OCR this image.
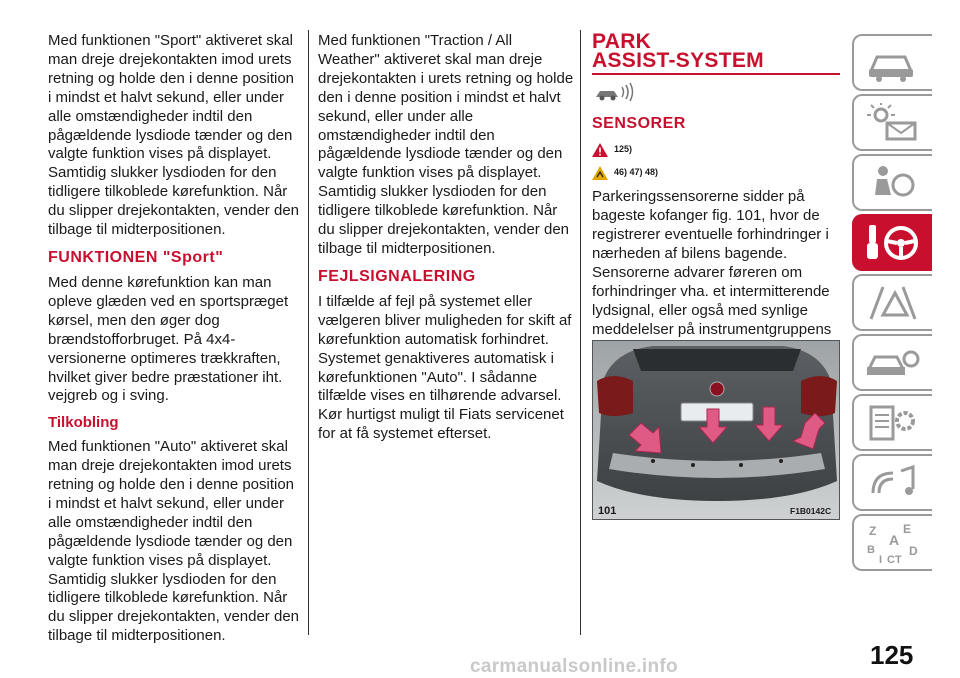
Med funktionen "Sport" aktiveret skal man dreje drejekontakten imod urets retning og holde den i denne position i mindst et halvt sekund, eller under alle omstændigheder indtil den pågældende lysdiode tænder og den valgte funktion vises på displayet. Samtidig slukker lysdioden for den tidligere tilkoblede kørefunktion. Når du slipper drejekontakten, vender den tilbage til midterpositionen.

FUNKTIONEN "Sport"

Med denne kørefunktion kan man opleve glæden ved en sportspræget kørsel, men den øger dog brændstofforbruget. På 4x4-versionerne optimeres trækkraften, hvilket giver bedre præstationer iht. vejgreb og i sving.

Tilkobling

Med funktionen "Auto" aktiveret skal man dreje drejekontakten imod urets retning og holde den i denne position i mindst et halvt sekund, eller under alle omstændigheder indtil den pågældende lysdiode tænder og den valgte funktion vises på displayet. Samtidig slukker lysdioden for den tidligere tilkoblede kørefunktion. Når du slipper drejekontakten, vender den tilbage til midterpositionen.

Med funktionen "Traction / All Weather" aktiveret skal man dreje drejekontakten i urets retning og holde den i denne position i mindst et halvt sekund, eller under alle omstændigheder indtil den pågældende lysdiode tænder og den valgte funktion vises på displayet. Samtidig slukker lysdioden for den tidligere tilkoblede kørefunktion. Når du slipper drejekontakten, vender den tilbage til midterpositionen.

FEJLSIGNALERING

I tilfælde af fejl på systemet eller vælgeren bliver muligheden for skift af kørefunktion automatisk forhindret. Systemet genaktiveres automatisk i kørefunktionen "Auto". I sådanne tilfælde vises en tilhørende advarsel. Kør hurtigst muligt til Fiats servicenet for at få systemet efterset.

PARK

ASSIST-SYSTEM

SENSORER

125)
46) 47) 48)

Parkeringssensorerne sidder på bageste kofanger fig. 101, hvor de registrerer eventuelle forhindringer i nærheden af bilens bagende. Sensorerne advarer føreren om forhindringer vha. et intermitterende lydsignal, eller også med synlige meddelelser på instrumentgruppens

101	F1B0142C
Z E
A
B	D
I C T
125
carmanualsonline.info
